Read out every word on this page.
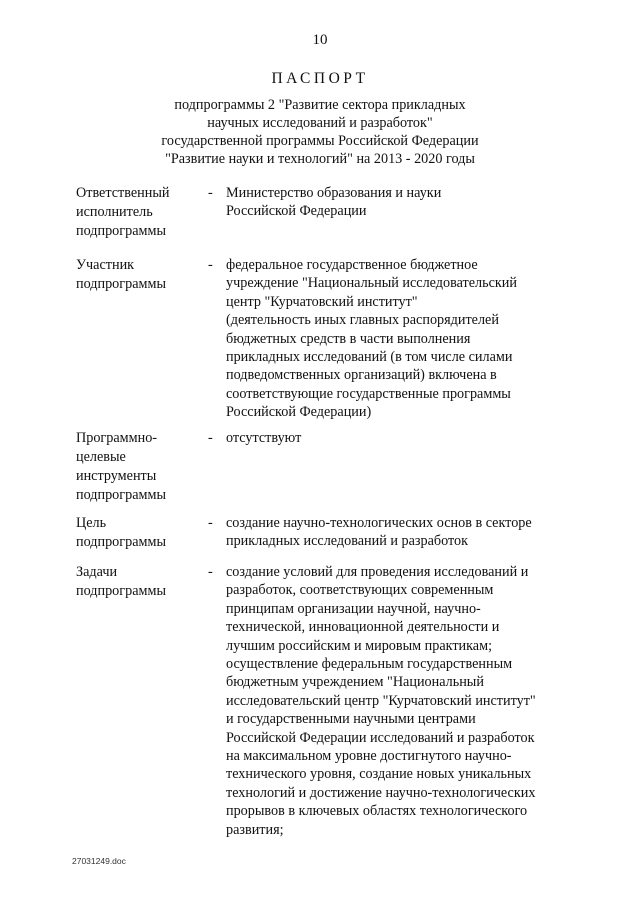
10
ПАСПОРТ
подпрограммы 2 "Развитие сектора прикладных
научных исследований и разработок"
государственной программы Российской Федерации
"Развитие науки и технологий" на 2013 - 2020 годы
Ответственный
исполнитель
подпрограммы
- Министерство образования и науки
Российской Федерации
Участник
подпрограммы
- федеральное государственное бюджетное
учреждение "Национальный исследовательский
центр "Курчатовский институт"
(деятельность иных главных распорядителей
бюджетных средств в части выполнения
прикладных исследований (в том числе силами
подведомственных организаций) включена в
соответствующие государственные программы
Российской Федерации)
Программно-
целевые
инструменты
подпрограммы
- отсутствуют
Цель
подпрограммы
- создание научно-технологических основ в секторе
прикладных исследований и разработок
Задачи
подпрограммы
- создание условий для проведения исследований и
разработок, соответствующих современным
принципам организации научной, научно-
технической, инновационной деятельности и
лучшим российским и мировым практикам;
осуществление федеральным государственным
бюджетным учреждением "Национальный
исследовательский центр "Курчатовский институт"
и государственными научными центрами
Российской Федерации исследований и разработок
на максимальном уровне достигнутого научно-
технического уровня, создание новых уникальных
технологий и достижение научно-технологических
прорывов в ключевых областях технологического
развития;
27031249.doc
